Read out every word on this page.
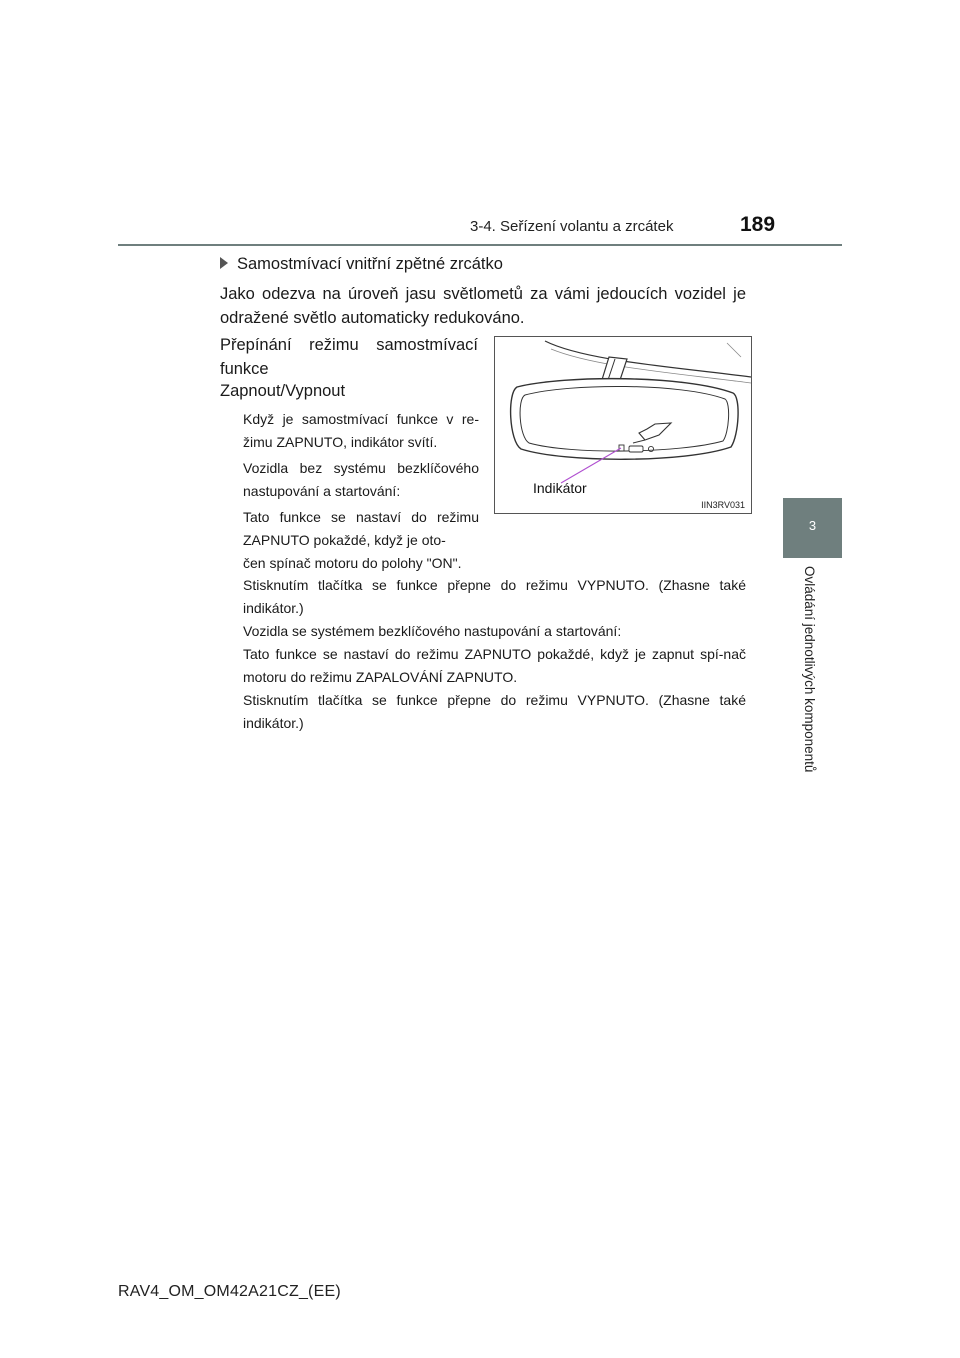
3-4. Seřízení volantu a zrcátek	189
3
Ovládání jednotlivých komponentů

Samostmívací vnitřní zpětné zrcátko

Jako odezva na úroveň jasu světlometů za vámi jedoucích vozidel je odražené světlo automaticky redukováno.

Přepínání režimu samostmívací funkce

Zapnout/Vypnout

Když je samostmívací funkce v re-žimu ZAPNUTO, indikátor svítí.

Vozidla bez systému bezklíčového nastupování a startování:

Tato funkce se nastaví do režimu ZAPNUTO pokaždé, když je oto-

čen spínač motoru do polohy "ON".

Stisknutím tlačítka se funkce přepne do režimu VYPNUTO. (Zhasne také indikátor.)

Vozidla se systémem bezklíčového nastupování a startování:

Tato funkce se nastaví do režimu ZAPNUTO pokaždé, když je zapnut spí-nač motoru do režimu ZAPALOVÁNÍ ZAPNUTO.

Stisknutím tlačítka se funkce přepne do režimu VYPNUTO. (Zhasne také indikátor.)

Indikátor
IIN3RV031
RAV4_OM_OM42A21CZ_(EE)
